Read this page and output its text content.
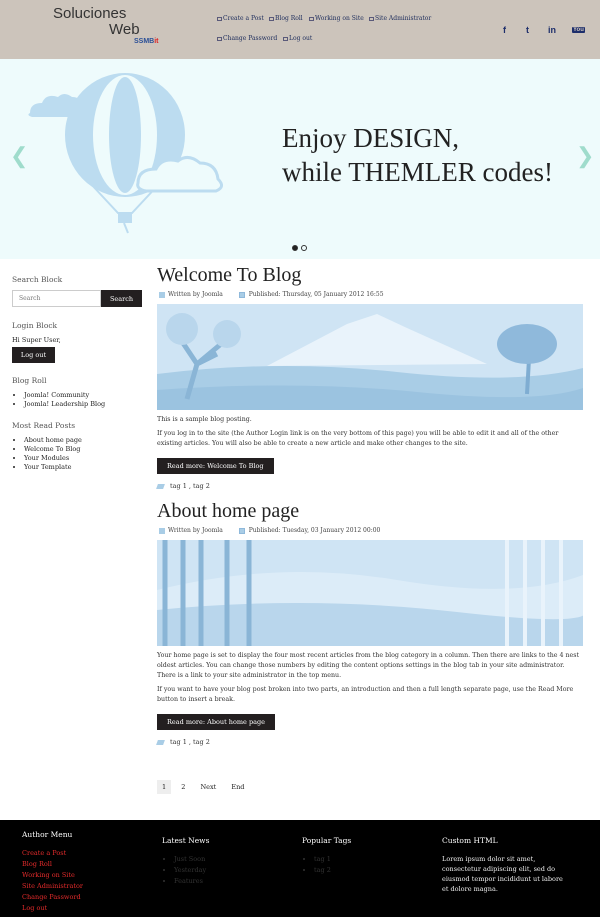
Soluciones
Web
SSMBit
Create a Post	Blog Roll	Working on Site	Site Administrator
Change Password	Log out
f t in	You
Enjoy DESIGN,
while THEMLER codes!
❮	❯

Search Block
Search
Search
Login Block
Hi Super User,
Log out
Blog Roll
• Joomla! Community
• Joomla! Leadership Blog
Most Read Posts
• About home page
• Welcome To Blog
• Your Modules
• Your Template
Welcome To Blog
Written by Joomla	Published: Thursday, 05 January 2012 16:55

This is a sample blog posting.

If you log in to the site (the Author Login link is on the very bottom of this page) you will be able to edit it and all of the other existing articles. You will also be able to create a new article and make other changes to the site.

Read more: Welcome To Blog
tag 1 , tag 2
About home page
Written by Joomla	Published: Tuesday, 03 January 2012 00:00

Your home page is set to display the four most recent articles from the blog category in a column. Then there are links to the 4 nest oldest articles. You can change those numbers by editing the content options settings in the blog tab in your site administrator. There is a link to your site administrator in the top menu.

If you want to have your blog post broken into two parts, an introduction and then a full length separate page, use the Read More button to insert a break.

Read more: About home page
tag 1 , tag 2
1 2 Next End
Author Menu
Create a Post
Blog Roll
Working on Site
Site Administrator
Change Password
Log out
Latest News
• Just Soon
• Yesterday
• Features
Popular Tags
• tag 1
• tag 2
Custom HTML
Lorem ipsum dolor sit amet, consectetur adipiscing elit, sed do eiusmod tempor incididunt ut labore et dolore magna.
